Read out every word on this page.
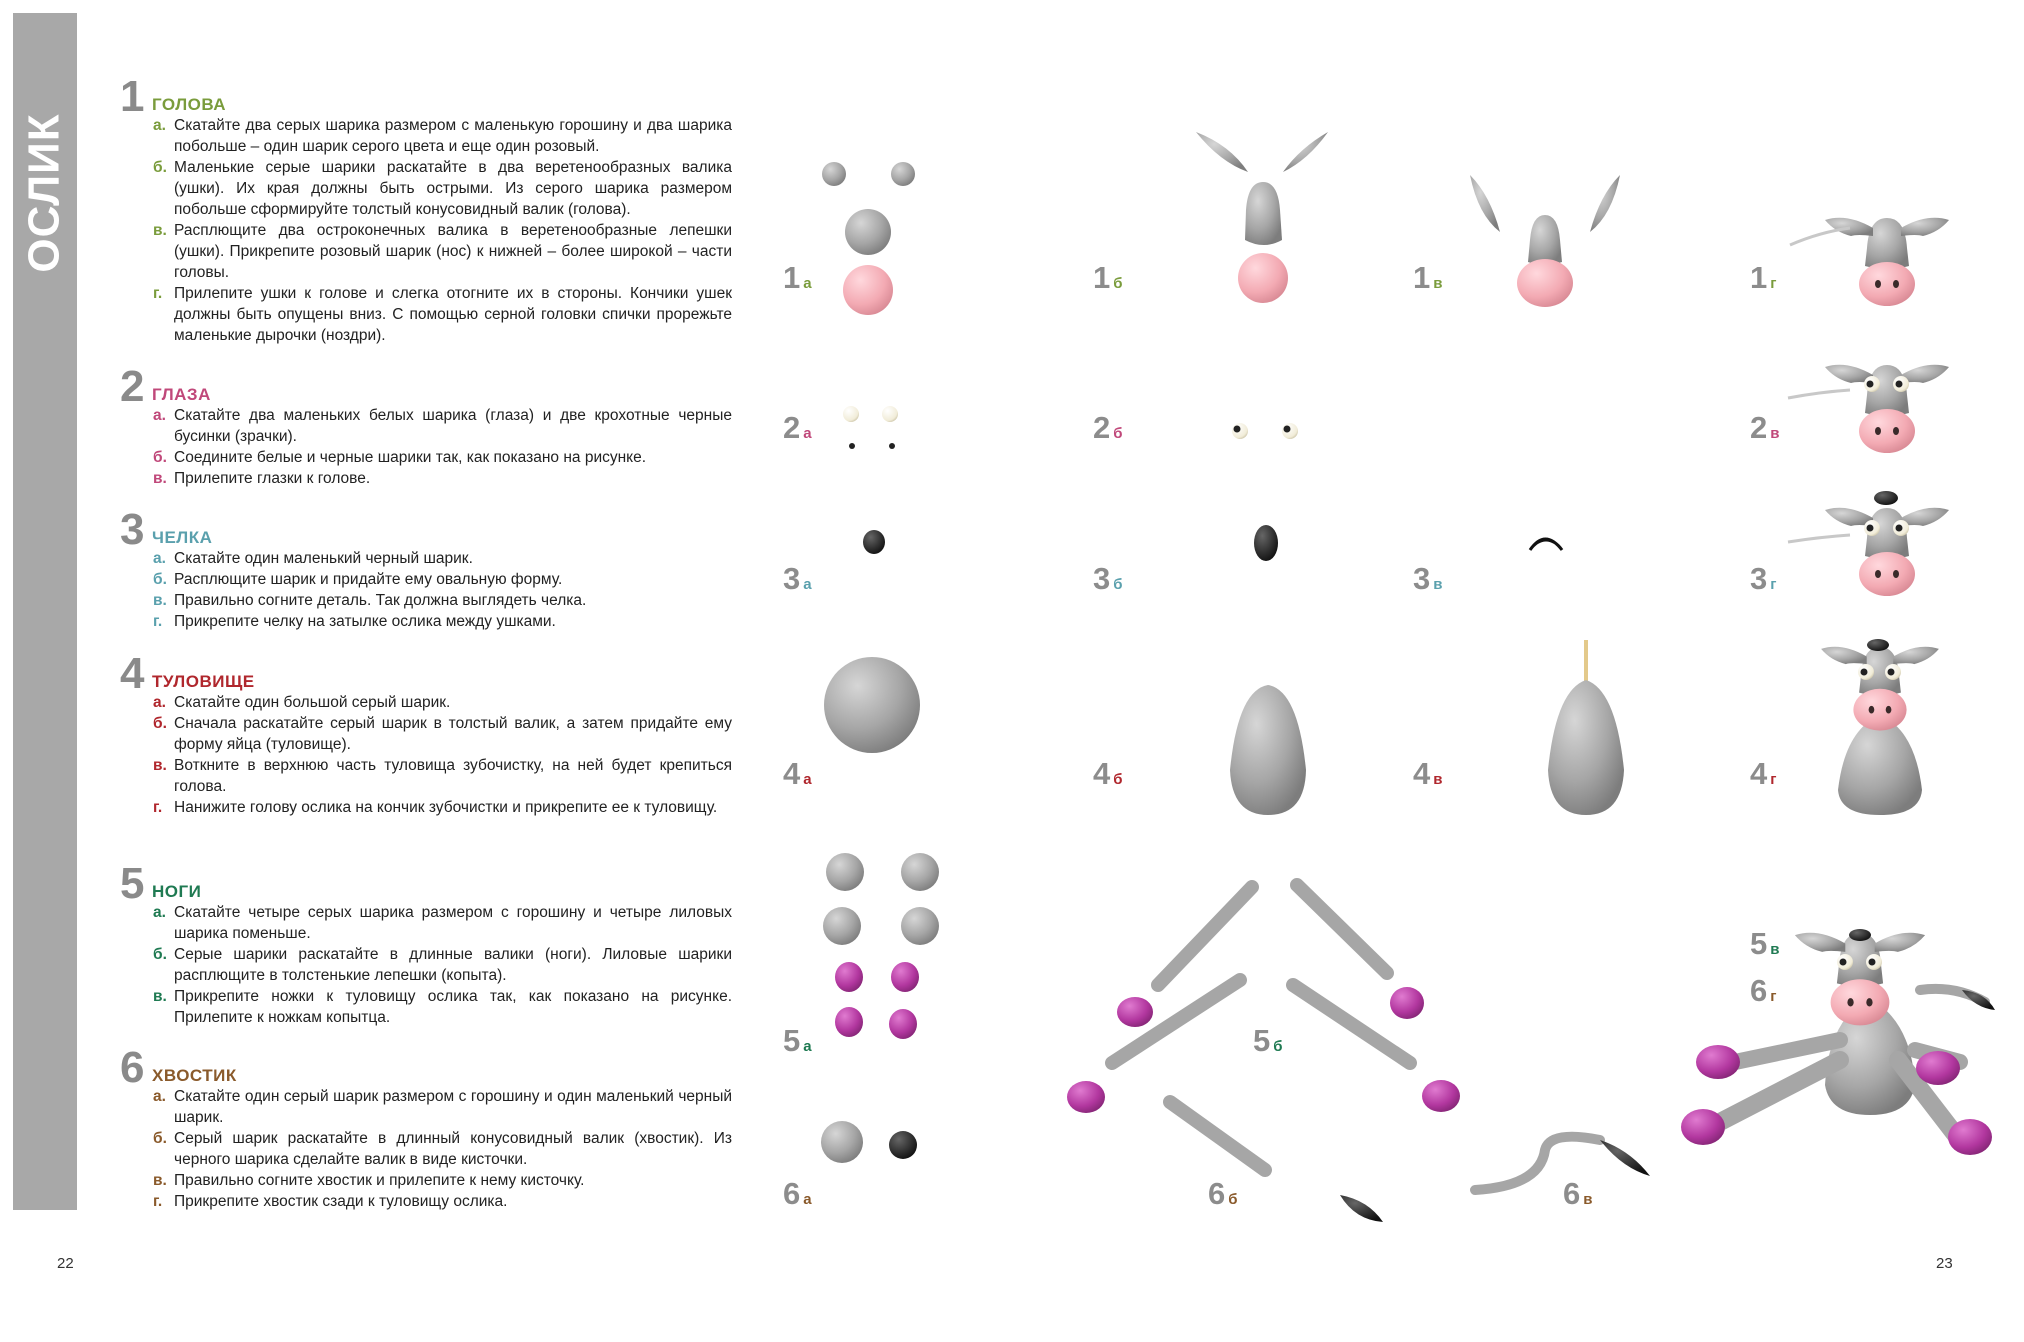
ОСЛИК
1 ГОЛОВА
а. Скатайте два серых шарика размером с маленькую горошину и два шарика побольше – один шарик серого цвета и еще один розовый.
б. Маленькие серые шарики раскатайте в два веретенообразных валика (ушки). Их края должны быть острыми. Из серого шарика размером побольше сформируйте толстый конусовидный валик (голова).
в. Расплющите два остроконечных валика в веретенообразные лепешки (ушки). Прикрепите розовый шарик (нос) к нижней – более широкой – части головы.
г. Прилепите ушки к голове и слегка отогните их в стороны. Кончики ушек должны быть опущены вниз. С помощью серной головки спички прорежьте маленькие дырочки (ноздри).
2 ГЛАЗА
а. Скатайте два маленьких белых шарика (глаза) и две крохотные черные бусинки (зрачки).
б. Соедините белые и черные шарики так, как показано на рисунке.
в. Прилепите глазки к голове.
3 ЧЕЛКА
а. Скатайте один маленький черный шарик.
б. Расплющите шарик и придайте ему овальную форму.
в. Правильно согните деталь. Так должна выглядеть челка.
г. Прикрепите челку на затылке ослика между ушками.
4 ТУЛОВИЩЕ
а. Скатайте один большой серый шарик.
б. Сначала раскатайте серый шарик в толстый валик, а затем придайте ему форму яйца (туловище).
в. Воткните в верхнюю часть туловища зубочистку, на ней будет крепиться голова.
г. Нанижите голову ослика на кончик зубочистки и прикрепите ее к туловищу.
5 НОГИ
а. Скатайте четыре серых шарика размером с горошину и четыре лиловых шарика поменьше.
б. Серые шарики раскатайте в длинные валики (ноги). Лиловые шарики расплющите в толстенькие лепешки (копыта).
в. Прикрепите ножки к туловищу ослика так, как показано на рисунке. Прилепите к ножкам копытца.
6 ХВОСТИК
а. Скатайте один серый шарик размером с горошину и один маленький черный шарик.
б. Серый шарик раскатайте в длинный конусовидный валик (хвостик). Из черного шарика сделайте валик в виде кисточки.
в. Правильно согните хвостик и прилепите к нему кисточку.
г. Прикрепите хвостик сзади к туловищу ослика.
1 а	1 б	1 в	1 г
2 а	2 б	2 в
3 а	3 б	3 в	3 г
4 а	4 б	4 в	4 г
5 а	5 б
5 в
6 г
6 а	6 б	6 в
22	23
